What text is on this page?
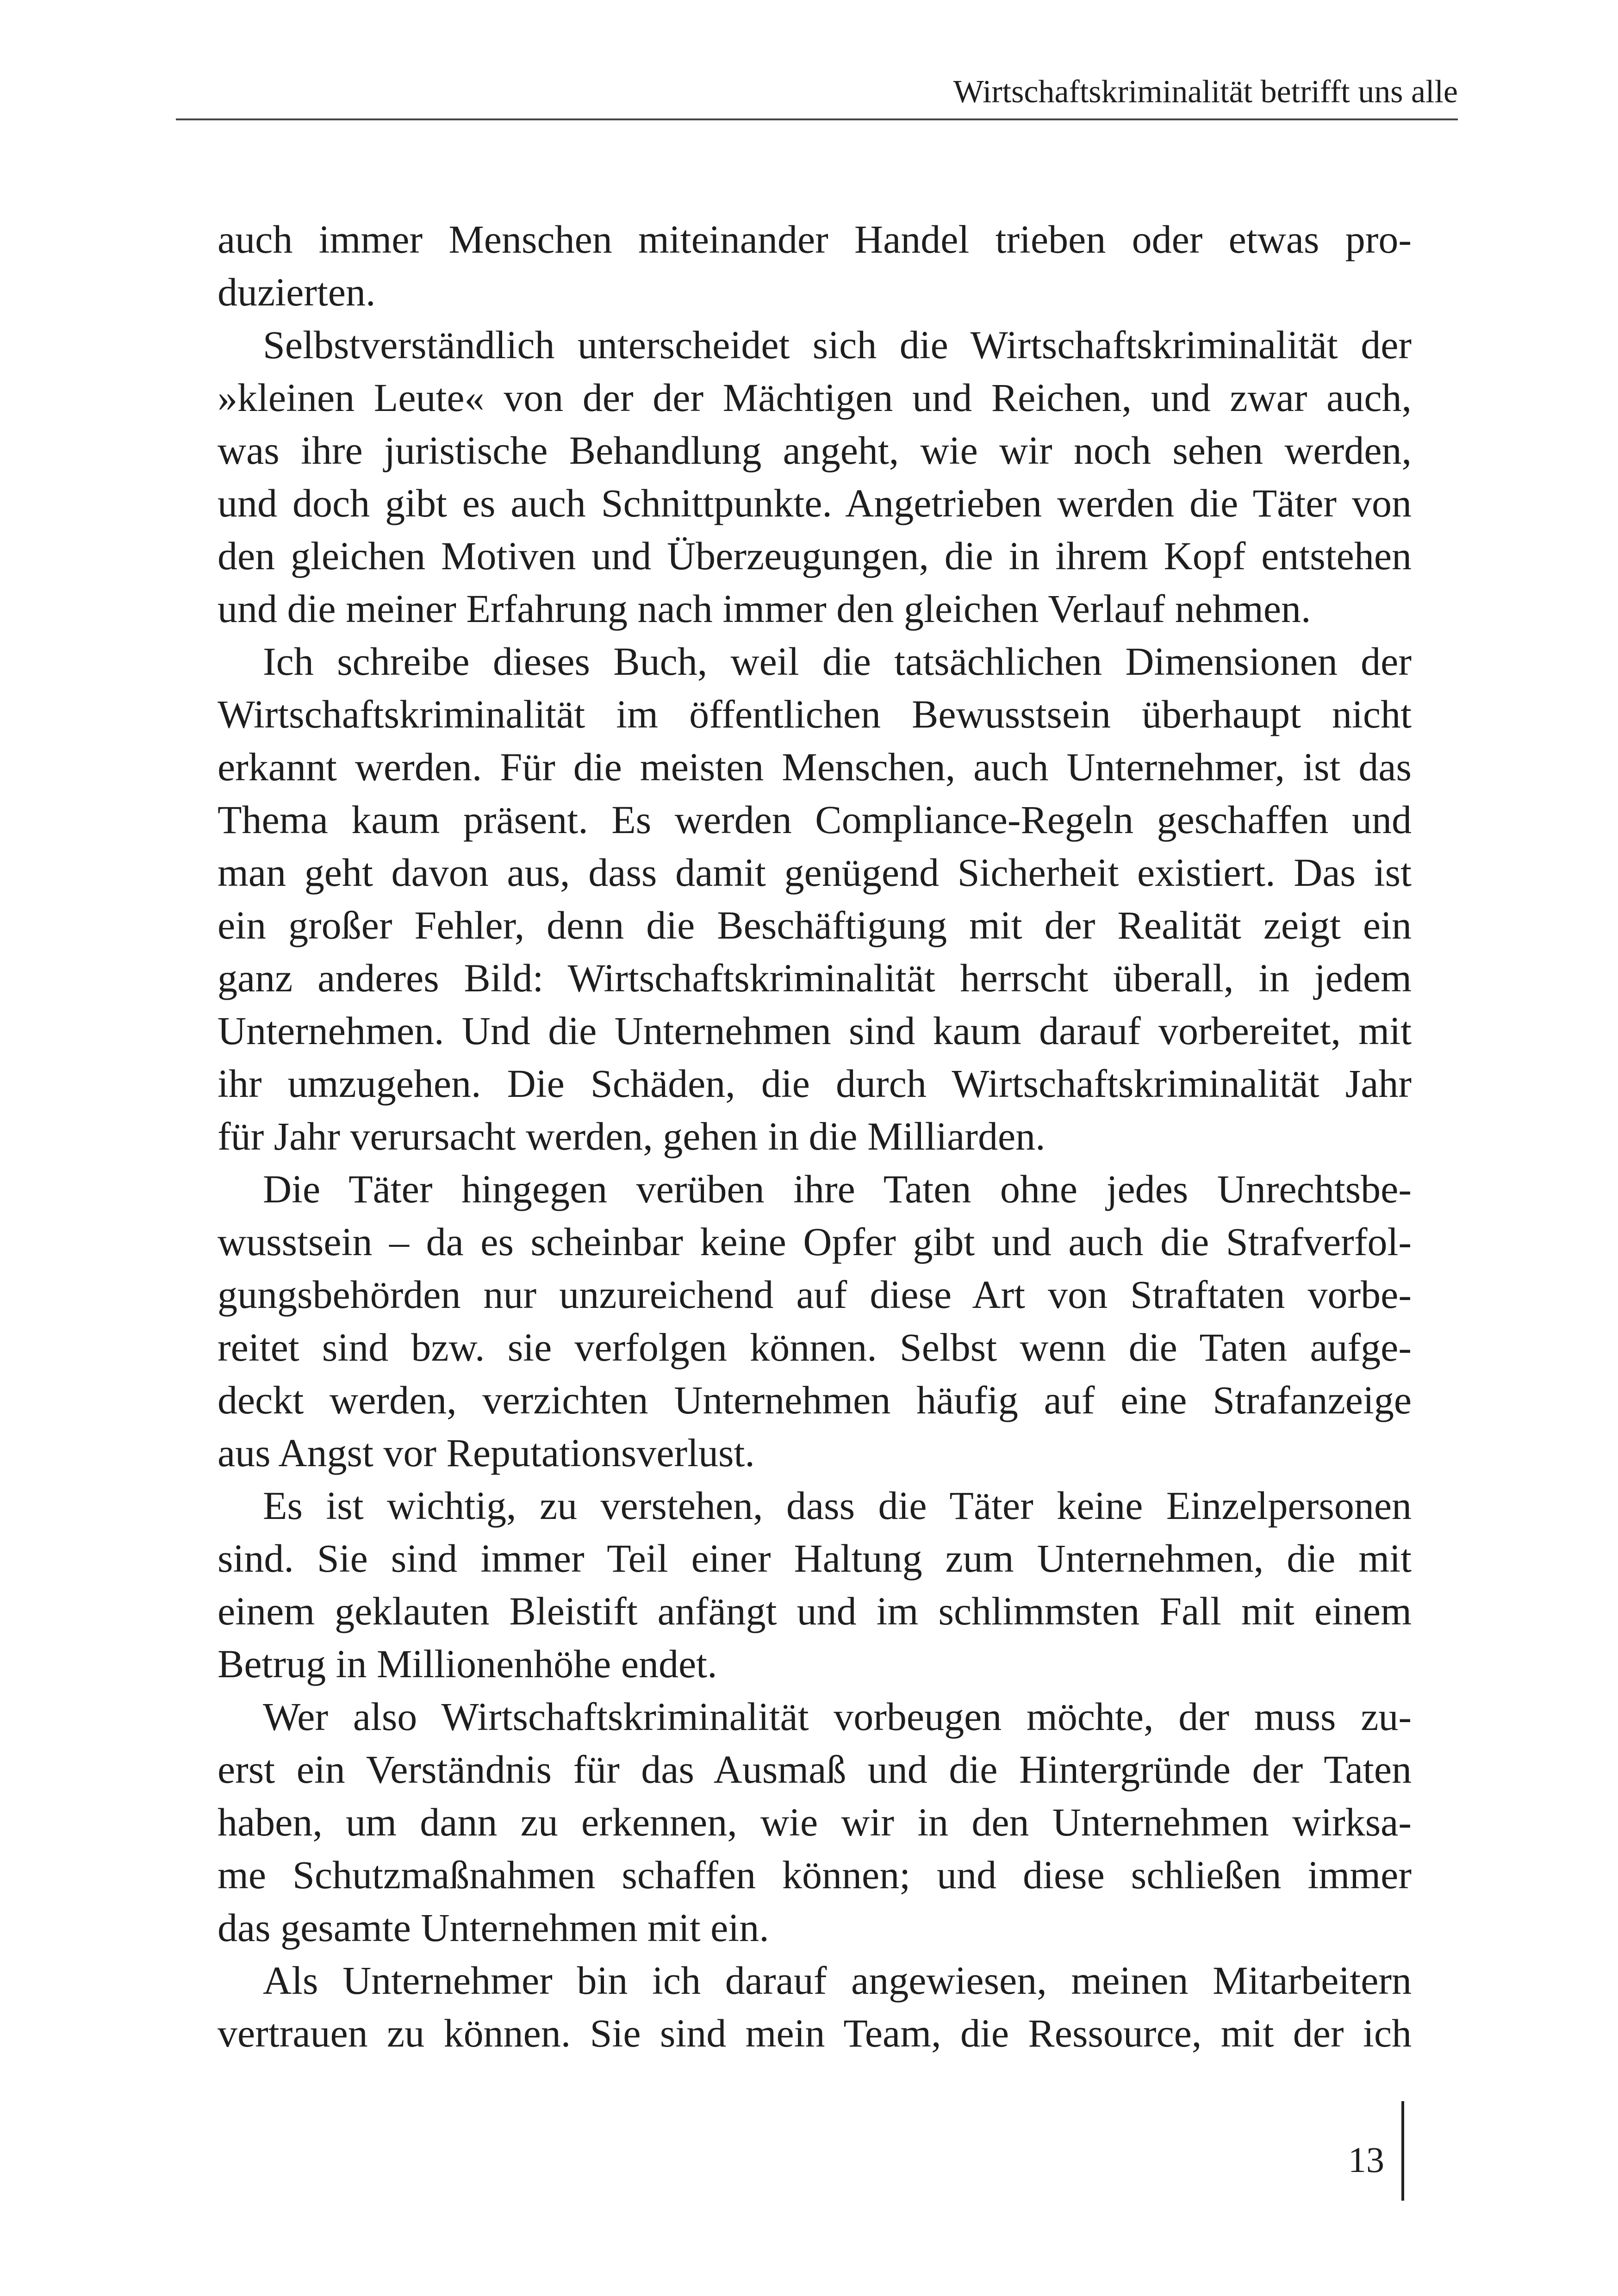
Wirtschaftskriminalität betrifft uns alle

auch immer Menschen miteinander Handel trieben oder etwas pro-

duzierten.

Selbstverständlich unterscheidet sich die Wirtschaftskriminalität der

»kleinen Leute« von der der Mächtigen und Reichen, und zwar auch,

was ihre juristische Behandlung angeht, wie wir noch sehen werden,

und doch gibt es auch Schnittpunkte. Angetrieben werden die Täter von

den gleichen Motiven und Überzeugungen, die in ihrem Kopf entstehen

und die meiner Erfahrung nach immer den gleichen Verlauf nehmen.

Ich schreibe dieses Buch, weil die tatsächlichen Dimensionen der

Wirtschaftskriminalität im öffentlichen Bewusstsein überhaupt nicht

erkannt werden. Für die meisten Menschen, auch Unternehmer, ist das

Thema kaum präsent. Es werden Compliance-Regeln geschaffen und

man geht davon aus, dass damit genügend Sicherheit existiert. Das ist

ein großer Fehler, denn die Beschäftigung mit der Realität zeigt ein

ganz anderes Bild: Wirtschaftskriminalität herrscht überall, in jedem

Unternehmen. Und die Unternehmen sind kaum darauf vorbereitet, mit

ihr umzugehen. Die Schäden, die durch Wirtschaftskriminalität Jahr

für Jahr verursacht werden, gehen in die Milliarden.

Die Täter hingegen verüben ihre Taten ohne jedes Unrechtsbe-

wusstsein – da es scheinbar keine Opfer gibt und auch die Strafverfol-

gungsbehörden nur unzureichend auf diese Art von Straftaten vorbe-

reitet sind bzw. sie verfolgen können. Selbst wenn die Taten aufge-

deckt werden, verzichten Unternehmen häufig auf eine Strafanzeige

aus Angst vor Reputationsverlust.

Es ist wichtig, zu verstehen, dass die Täter keine Einzelpersonen

sind. Sie sind immer Teil einer Haltung zum Unternehmen, die mit

einem geklauten Bleistift anfängt und im schlimmsten Fall mit einem

Betrug in Millionenhöhe endet.

Wer also Wirtschaftskriminalität vorbeugen möchte, der muss zu-

erst ein Verständnis für das Ausmaß und die Hintergründe der Taten

haben, um dann zu erkennen, wie wir in den Unternehmen wirksa-

me Schutzmaßnahmen schaffen können; und diese schließen immer

das gesamte Unternehmen mit ein.

Als Unternehmer bin ich darauf angewiesen, meinen Mitarbeitern

vertrauen zu können. Sie sind mein Team, die Ressource, mit der ich

13
